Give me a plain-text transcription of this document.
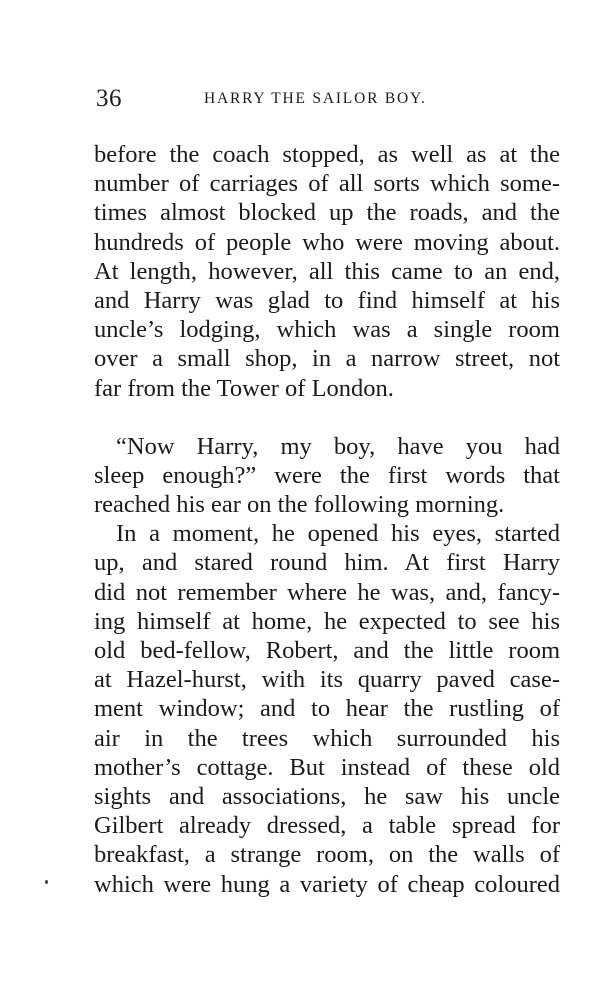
36	HARRY THE SAILOR BOY.
before the coach stopped, as well as at the
number of carriages of all sorts which some-
times almost blocked up the roads, and the
hundreds of people who were moving about.
At length, however, all this came to an end,
and Harry was glad to find himself at his
uncle’s lodging, which was a single room
over a small shop, in a narrow street, not
far from the Tower of London.
“Now Harry, my boy, have you had
sleep enough?” were the first words that
reached his ear on the following morning.
In a moment, he opened his eyes, started
up, and stared round him. At first Harry
did not remember where he was, and, fancy-
ing himself at home, he expected to see his
old bed-fellow, Robert, and the little room
at Hazel-hurst, with its quarry paved case-
ment window; and to hear the rustling of
air in the trees which surrounded his
mother’s cottage. But instead of these old
sights and associations, he saw his uncle
Gilbert already dressed, a table spread for
breakfast, a strange room, on the walls of
which were hung a variety of cheap coloured
